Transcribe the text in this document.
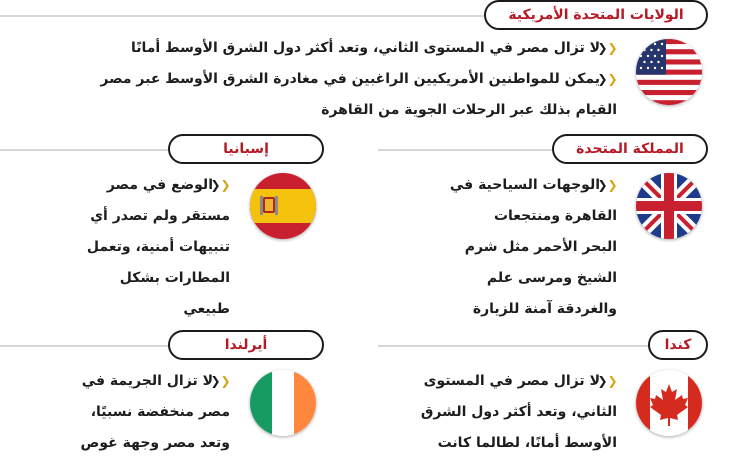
الولايات المتحدة الأمريكية
❮
❮
لا تزال مصر في المستوى الثاني، وتعد أكثر دول الشرق الأوسط أمانًا
❮
❮
يمكن للمواطنين الأمريكيين الراغبين في مغادرة الشرق الأوسط عبر مصر
القيام بذلك عبر الرحلات الجوية من القاهرة
المملكة المتحدة
❮
❮
الوجهات السياحية في
القاهرة ومنتجعات
البحر الأحمر مثل شرم
الشيخ ومرسى علم
والغردقة آمنة للزيارة
إسبانيا
❮
❮
الوضع في مصر
مستقر ولم تصدر أي
تنبيهات أمنية، وتعمل
المطارات بشكل
طبيعي
كندا
❮
❮
لا تزال مصر في المستوى
الثاني، وتعد أكثر دول الشرق
الأوسط أمانًا، لطالما كانت
أيرلندا
❮
❮
لا تزال الجريمة في
مصر منخفضة نسبيًا،
وتعد مصر وجهة غوص
